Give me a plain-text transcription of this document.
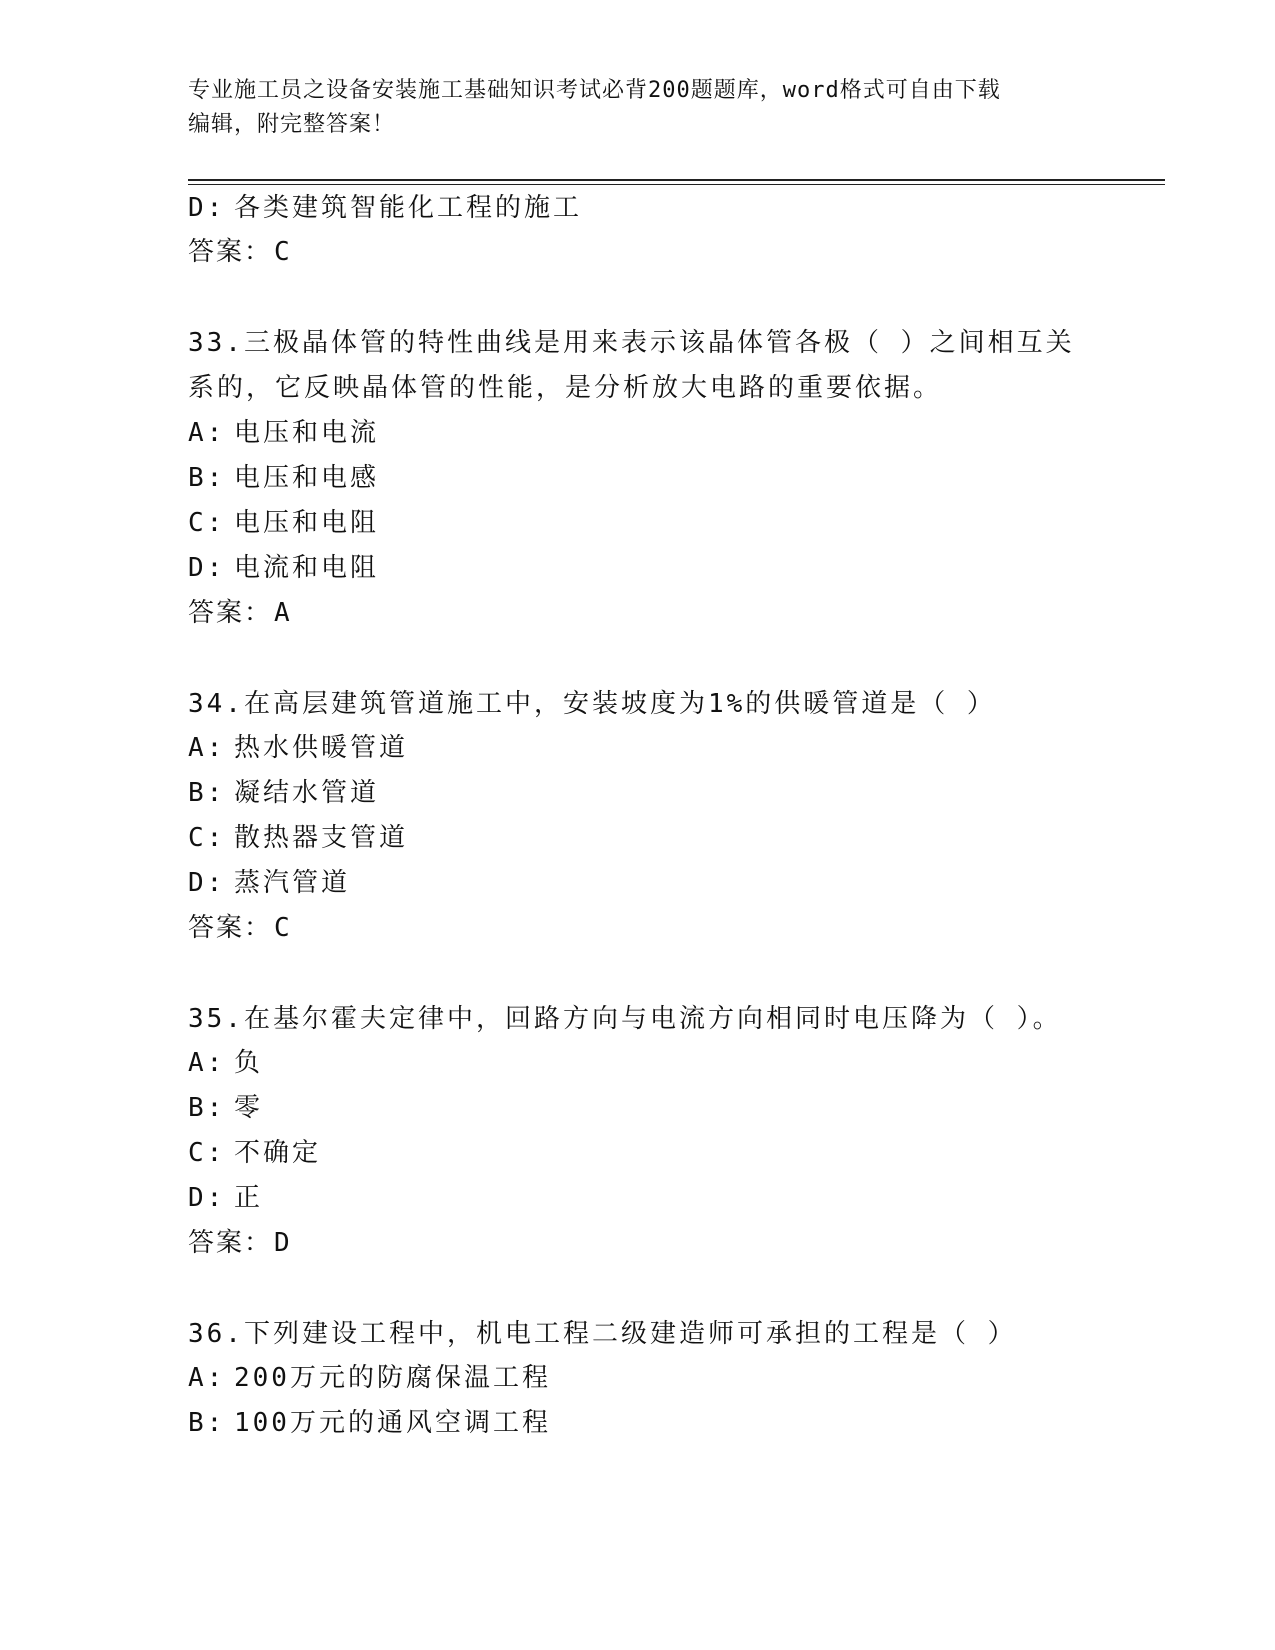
专业施工员之设备安装施工基础知识考试必背200题题库，word格式可自由下载
编辑，附完整答案！
D: 各类建筑智能化工程的施工
答案：C
33.三极晶体管的特性曲线是用来表示该晶体管各极（ ）之间相互关
系的，它反映晶体管的性能，是分析放大电路的重要依据。
A: 电压和电流
B: 电压和电感
C: 电压和电阻
D: 电流和电阻
答案：A
34.在高层建筑管道施工中，安装坡度为1%的供暖管道是（ ）
A: 热水供暖管道
B: 凝结水管道
C: 散热器支管道
D: 蒸汽管道
答案：C
35.在基尔霍夫定律中，回路方向与电流方向相同时电压降为（ ）。
A: 负
B: 零
C: 不确定
D: 正
答案：D
36.下列建设工程中，机电工程二级建造师可承担的工程是（ ）
A: 200万元的防腐保温工程
B: 100万元的通风空调工程
